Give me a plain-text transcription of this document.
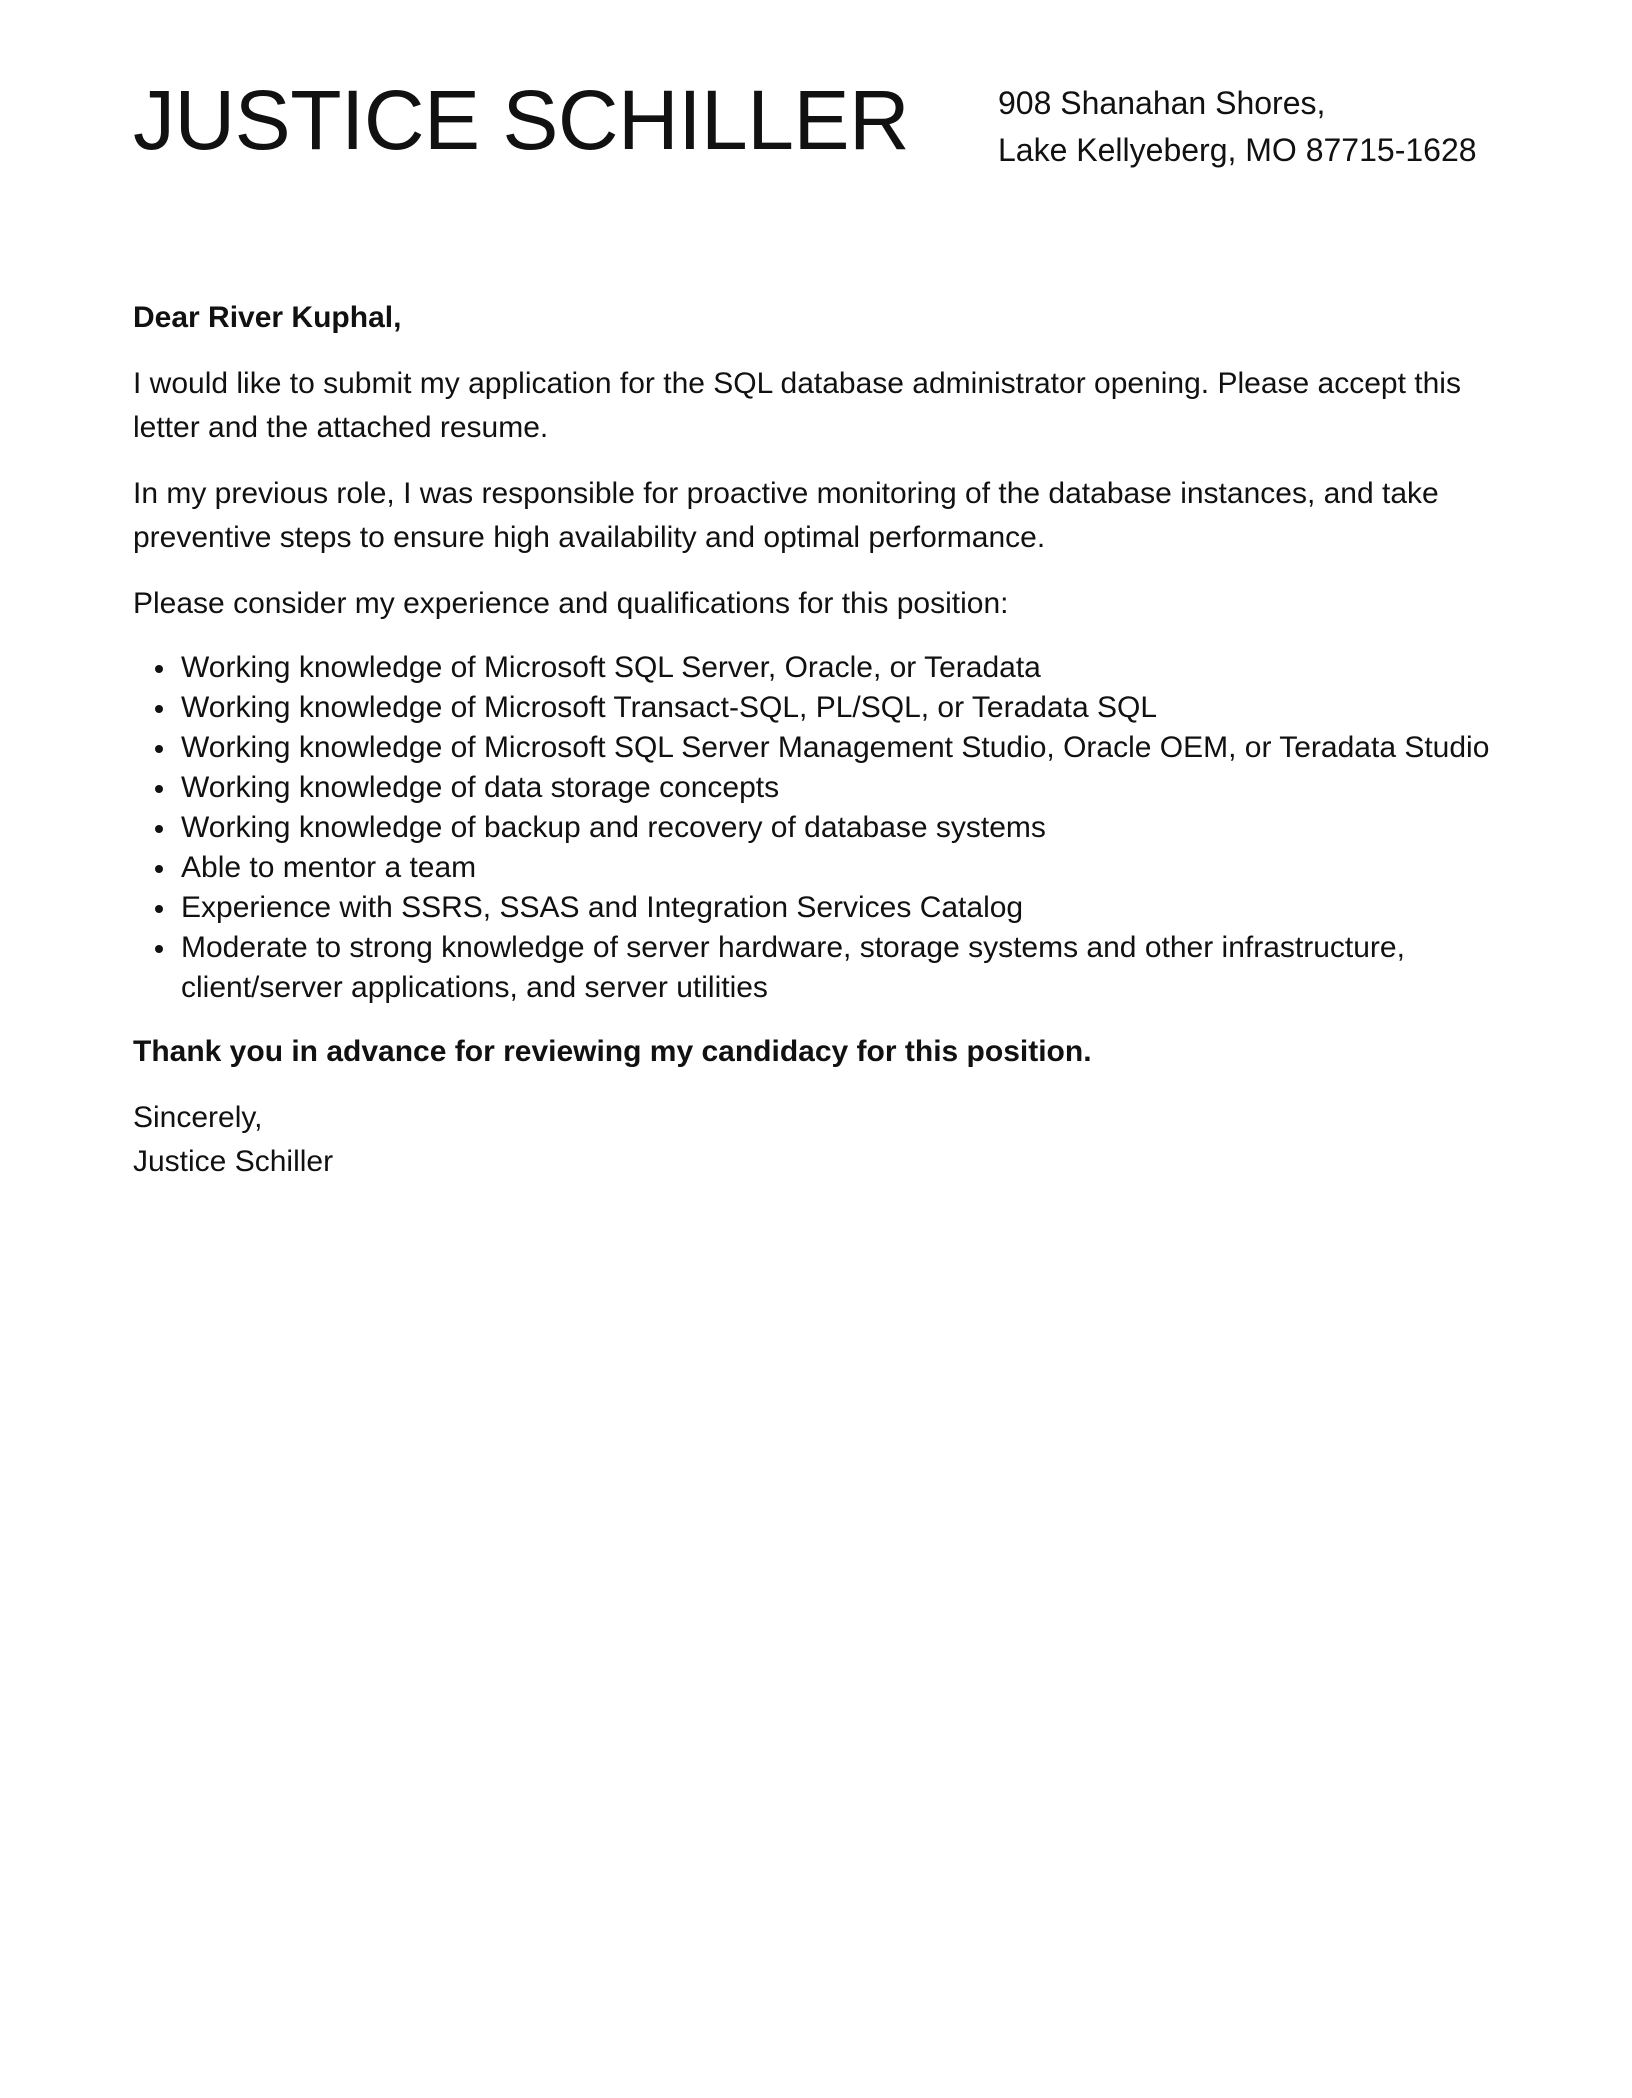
JUSTICE SCHILLER	908 Shanahan Shores,
Lake Kellyeberg, MO 87715-1628

Dear River Kuphal,

I would like to submit my application for the SQL database administrator opening. Please accept this letter and the attached resume.

In my previous role, I was responsible for proactive monitoring of the database instances, and take preventive steps to ensure high availability and optimal performance.

Please consider my experience and qualifications for this position:

Working knowledge of Microsoft SQL Server, Oracle, or Teradata
Working knowledge of Microsoft Transact-SQL, PL/SQL, or Teradata SQL
Working knowledge of Microsoft SQL Server Management Studio, Oracle OEM, or Teradata Studio
Working knowledge of data storage concepts
Working knowledge of backup and recovery of database systems
Able to mentor a team
Experience with SSRS, SSAS and Integration Services Catalog
Moderate to strong knowledge of server hardware, storage systems and other infrastructure, client/server applications, and server utilities

Thank you in advance for reviewing my candidacy for this position.

Sincerely,
Justice Schiller
